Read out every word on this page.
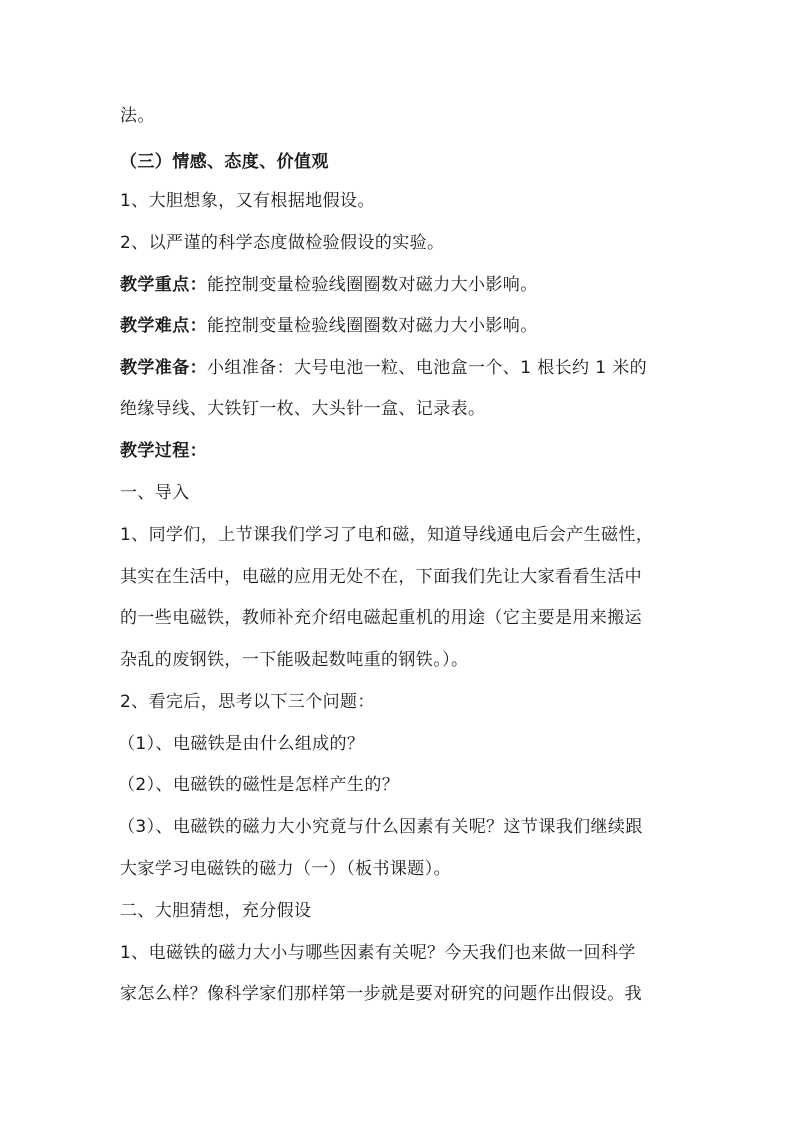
法。
（三）情感、态度、价值观
1、大胆想象，又有根据地假设。
2、以严谨的科学态度做检验假设的实验。
教学重点：能控制变量检验线圈圈数对磁力大小影响。
教学难点：能控制变量检验线圈圈数对磁力大小影响。
教学准备：小组准备：大号电池一粒、电池盒一个、1 根长约 1 米的
绝缘导线、大铁钉一枚、大头针一盒、记录表。
教学过程：
一、导入
1、同学们，上节课我们学习了电和磁，知道导线通电后会产生磁性，
其实在生活中，电磁的应用无处不在，下面我们先让大家看看生活中
的一些电磁铁，教师补充介绍电磁起重机的用途（它主要是用来搬运
杂乱的废钢铁，一下能吸起数吨重的钢铁。）。
2、看完后，思考以下三个问题：
（1）、电磁铁是由什么组成的？
（2）、电磁铁的磁性是怎样产生的？
（3）、电磁铁的磁力大小究竟与什么因素有关呢？这节课我们继续跟
大家学习电磁铁的磁力（一）（板书课题）。
二、大胆猜想，充分假设
1、电磁铁的磁力大小与哪些因素有关呢？今天我们也来做一回科学
家怎么样？像科学家们那样第一步就是要对研究的问题作出假设。我
